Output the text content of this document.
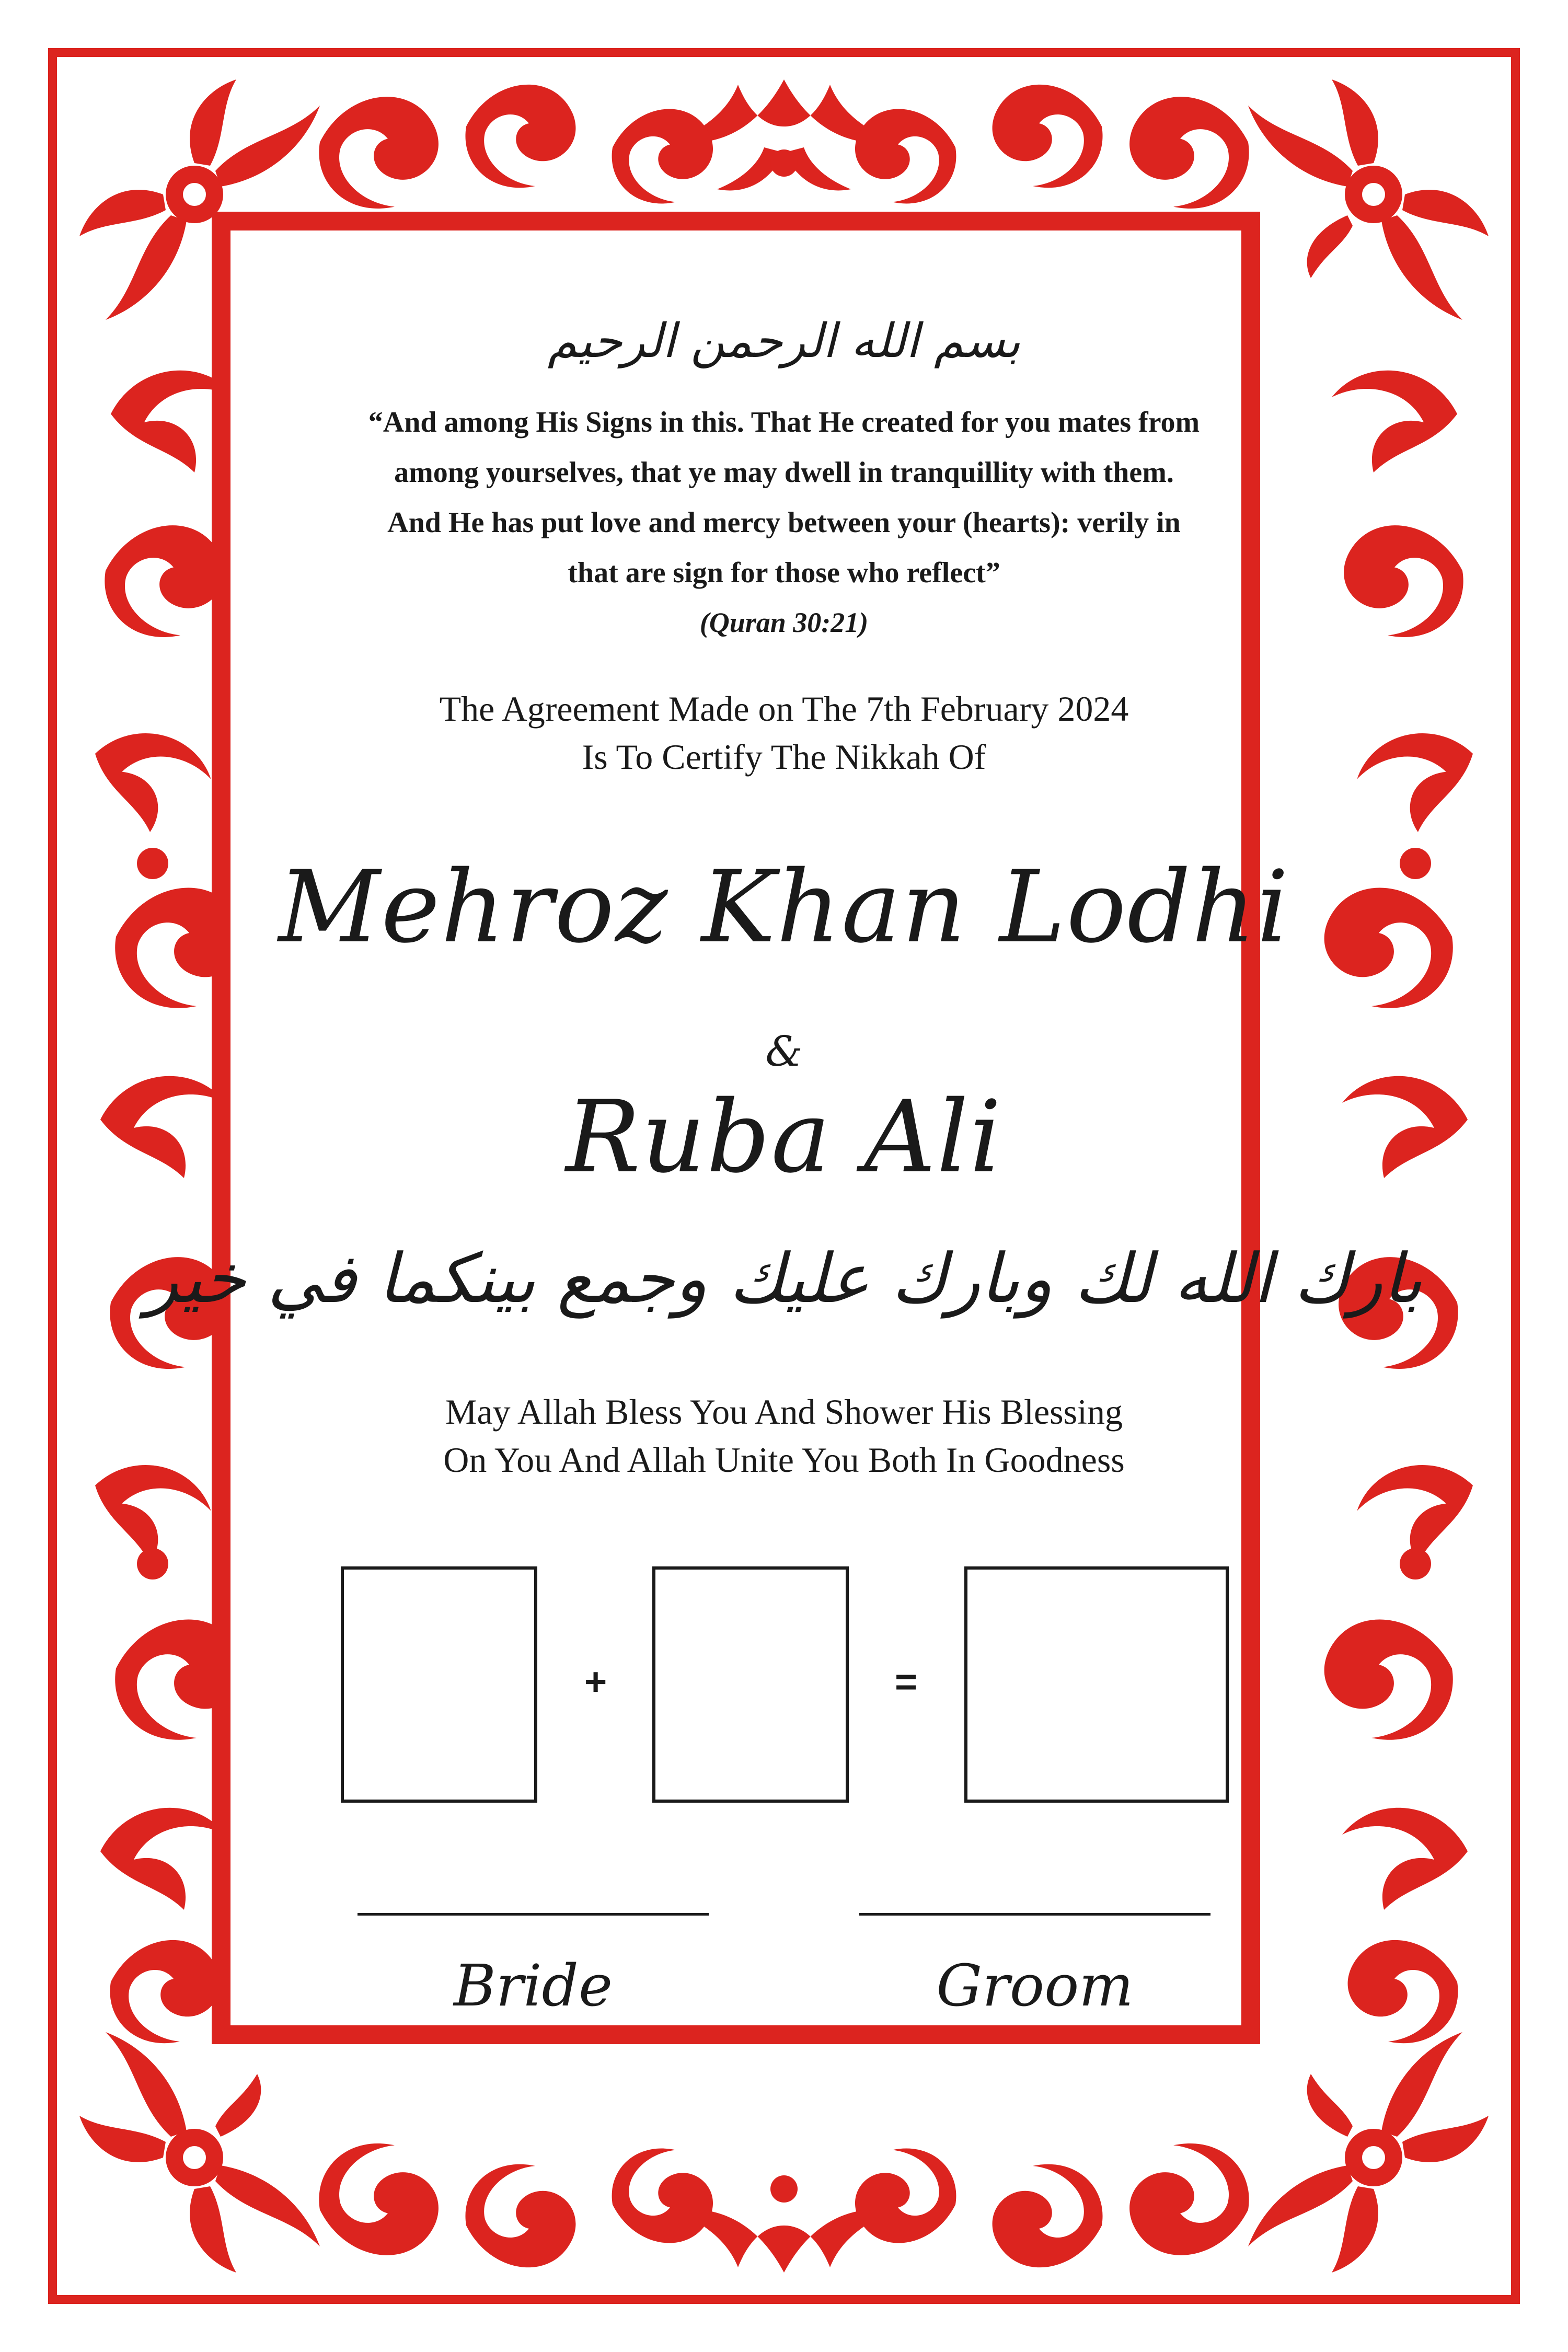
بسم الله الرحمن الرحيم
“And among His Signs in this. That He created for you mates from
among yourselves, that ye may dwell in tranquillity with them.
And He has put love and mercy between your (hearts): verily in
that are sign for those who reflect”
(Quran 30:21)
The Agreement Made on The 7th February 2024
Is To Certify The Nikkah Of
Mehroz Khan Lodhi
&
Ruba Ali
بارك الله لك وبارك عليك وجمع بينكما في خير
May Allah Bless You And Shower His Blessing
On You And Allah Unite You Both In Goodness
+	=
Bride	Groom
